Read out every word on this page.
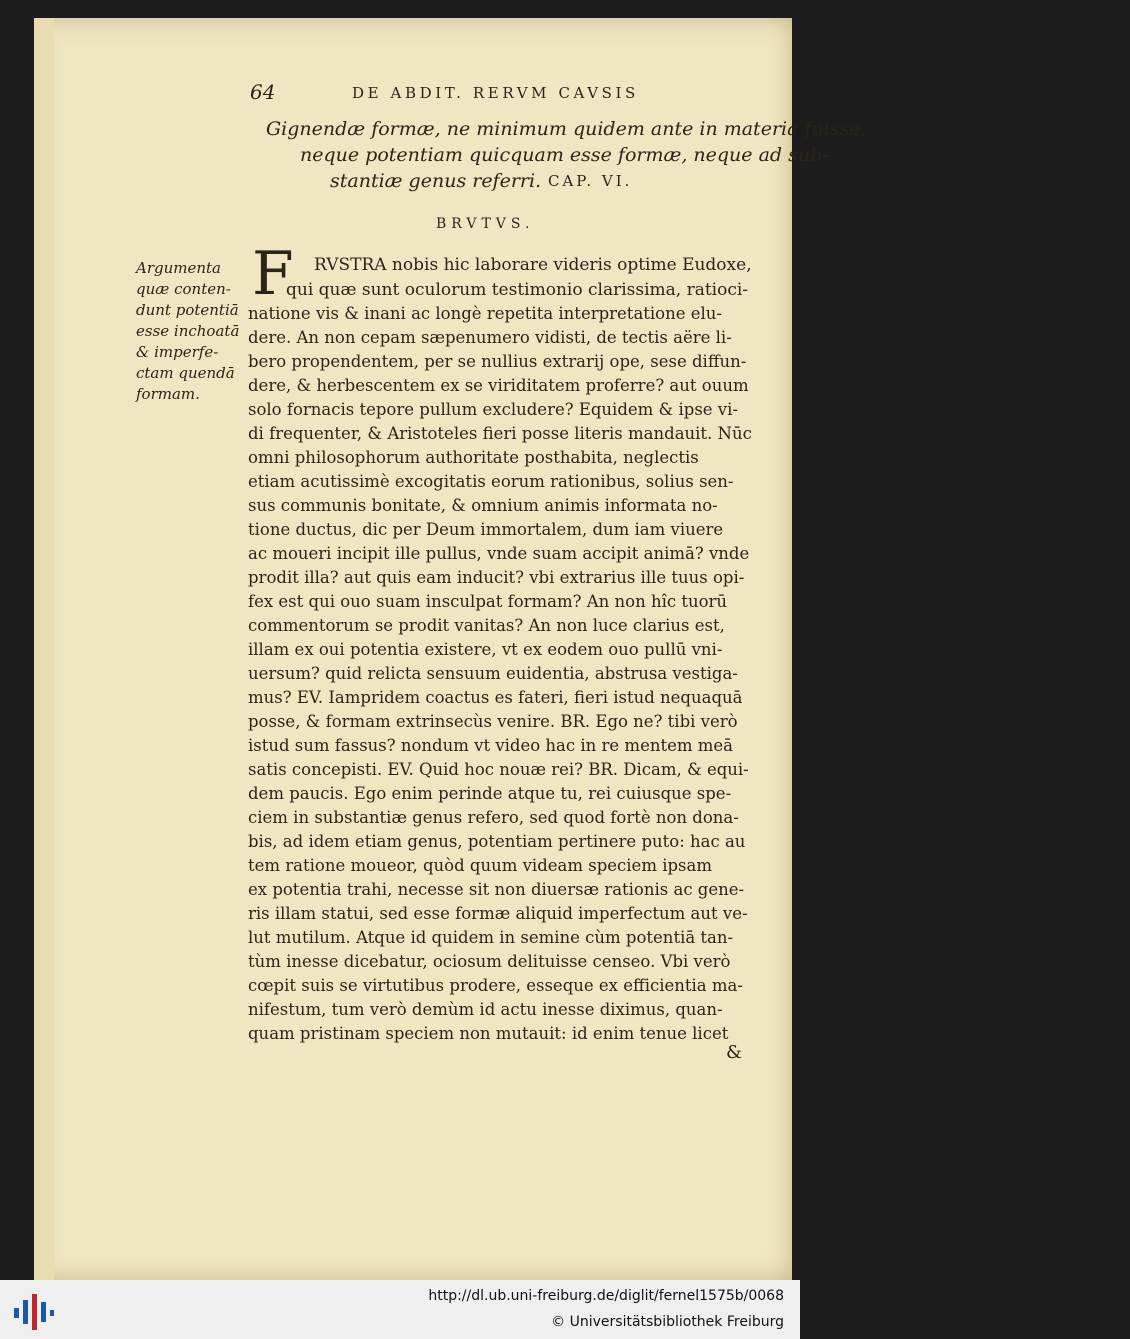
64	DE ABDIT. RERVM CAVSIS
Gignendæ formæ, ne minimum quidem ante in materia fuisse,
neque potentiam quicquam esse formæ, neque ad sub-
stantiæ genus referri. CAP. VI.
BRVTVS.
Argumenta
quæ conten-
dunt potentiā
esse inchoatā
& imperfe-
ctam quendā
formam.
F RVSTRA nobis hic laborare videris optime Eudoxe,
qui quæ sunt oculorum testimonio clarissima, ratioci-
natione vis & inani ac longè repetita interpretatione elu-
dere. An non cepam sæpenumero vidisti, de tectis aëre li-
bero propendentem, per se nullius extrarij ope, sese diffun-
dere, & herbescentem ex se viriditatem proferre? aut ouum
solo fornacis tepore pullum excludere? Equidem & ipse vi-
di frequenter, & Aristoteles fieri posse literis mandauit. Nūc
omni philosophorum authoritate posthabita, neglectis
etiam acutissimè excogitatis eorum rationibus, solius sen-
sus communis bonitate, & omnium animis informata no-
tione ductus, dic per Deum immortalem, dum iam viuere
ac moueri incipit ille pullus, vnde suam accipit animā? vnde
prodit illa? aut quis eam inducit? vbi extrarius ille tuus opi-
fex est qui ouo suam insculpat formam? An non hîc tuorū
commentorum se prodit vanitas? An non luce clarius est,
illam ex oui potentia existere, vt ex eodem ouo pullū vni-
uersum? quid relicta sensuum euidentia, abstrusa vestiga-
mus? EV. Iampridem coactus es fateri, fieri istud nequaquā
posse, & formam extrinsecùs venire. BR. Ego ne? tibi verò
istud sum fassus? nondum vt video hac in re mentem meā
satis concepisti. EV. Quid hoc nouæ rei? BR. Dicam, & equi-
dem paucis. Ego enim perinde atque tu, rei cuiusque spe-
ciem in substantiæ genus refero, sed quod fortè non dona-
bis, ad idem etiam genus, potentiam pertinere puto: hac au
tem ratione moueor, quòd quum videam speciem ipsam
ex potentia trahi, necesse sit non diuersæ rationis ac gene-
ris illam statui, sed esse formæ aliquid imperfectum aut ve-
lut mutilum. Atque id quidem in semine cùm potentiā tan-
tùm inesse dicebatur, ociosum delituisse censeo. Vbi verò
cœpit suis se virtutibus prodere, esseque ex efficientia ma-
nifestum, tum verò demùm id actu inesse diximus, quan-
quam pristinam speciem non mutauit: id enim tenue licet
&
http://dl.ub.uni-freiburg.de/diglit/fernel1575b/0068
© Universitätsbibliothek Freiburg
